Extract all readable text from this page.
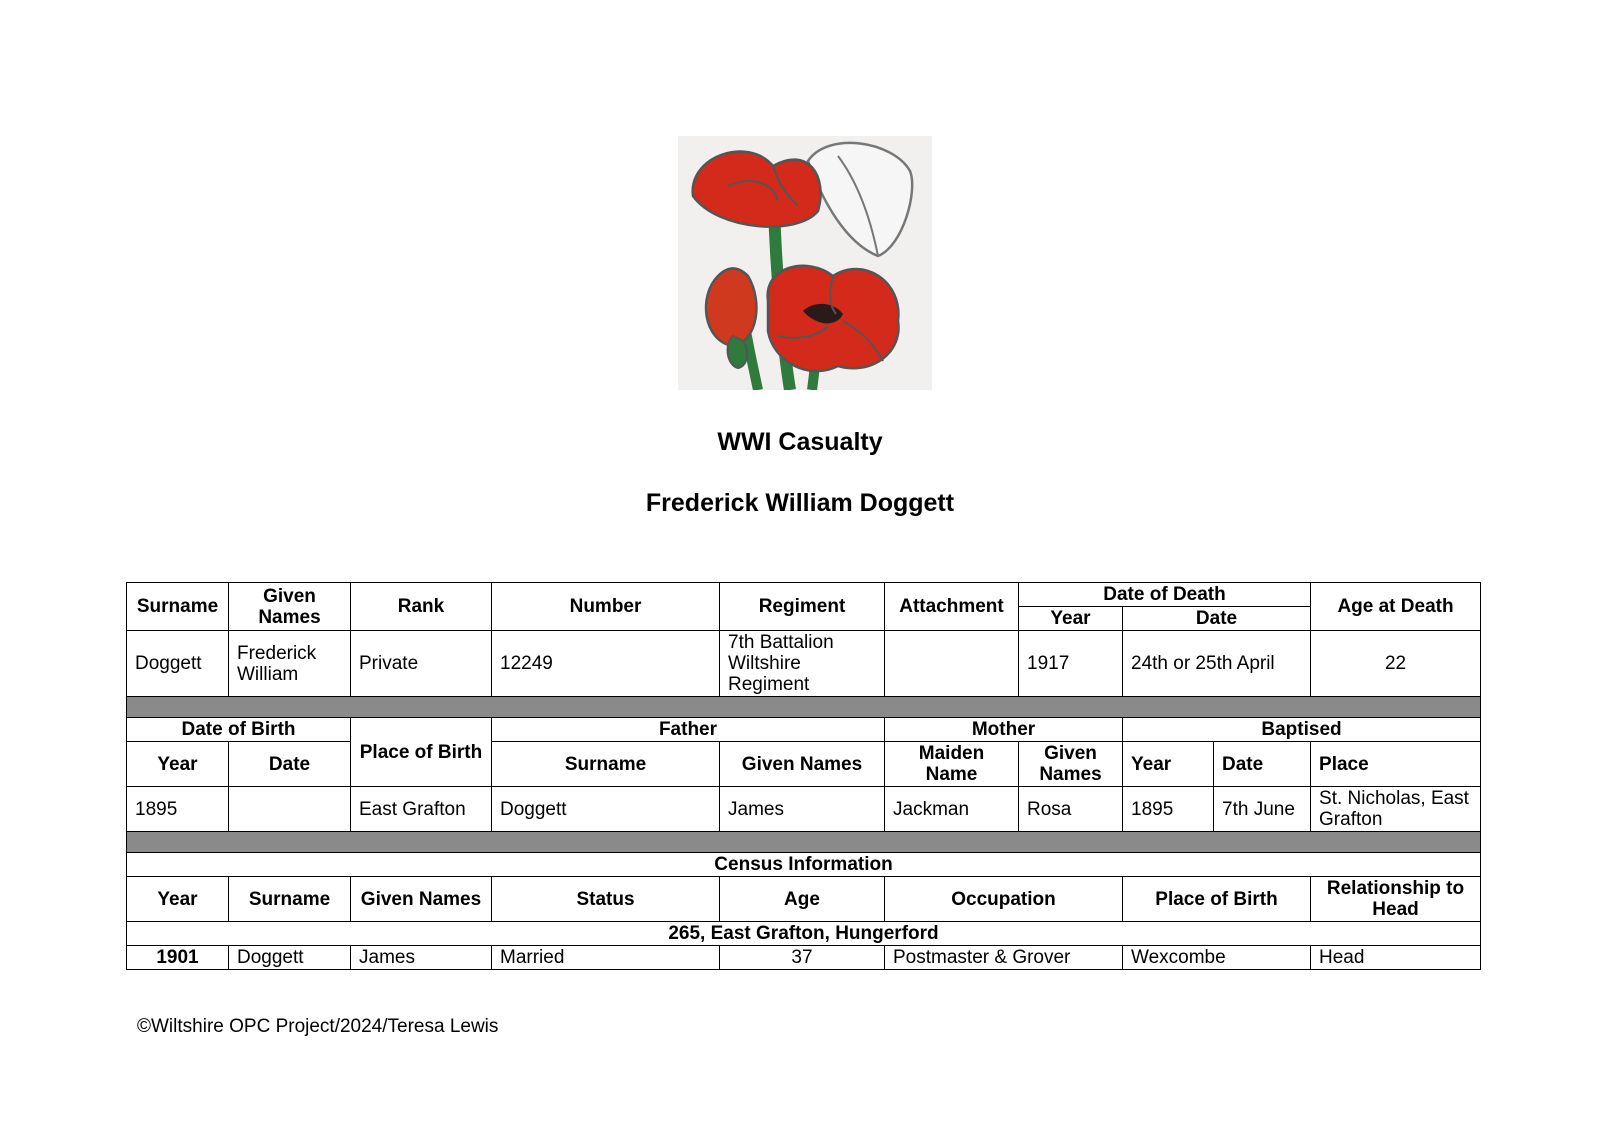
WWI Casualty
Frederick William Doggett
Surname	Given Names	Rank	Number	Regiment	Attachment	Date of Death			Age at Death
						Year	Date		
Doggett	Frederick William	Private	12249	7th Battalion Wiltshire Regiment		1917	24th or 25th April		22

Date of Birth		Place of Birth	Father		Mother		Baptised		
Year	Date		Surname	Given Names	Maiden Name	Given Names	Year	Date	Place
1895		East Grafton	Doggett	James	Jackman	Rosa	1895	7th June	St. Nicholas, East Grafton

Census Information									
Year	Surname	Given Names	Status	Age	Occupation		Place of Birth		Relationship to Head
265, East Grafton, Hungerford									
1901	Doggett	James	Married	37	Postmaster & Grover		Wexcombe		Head
©Wiltshire OPC Project/2024/Teresa Lewis
